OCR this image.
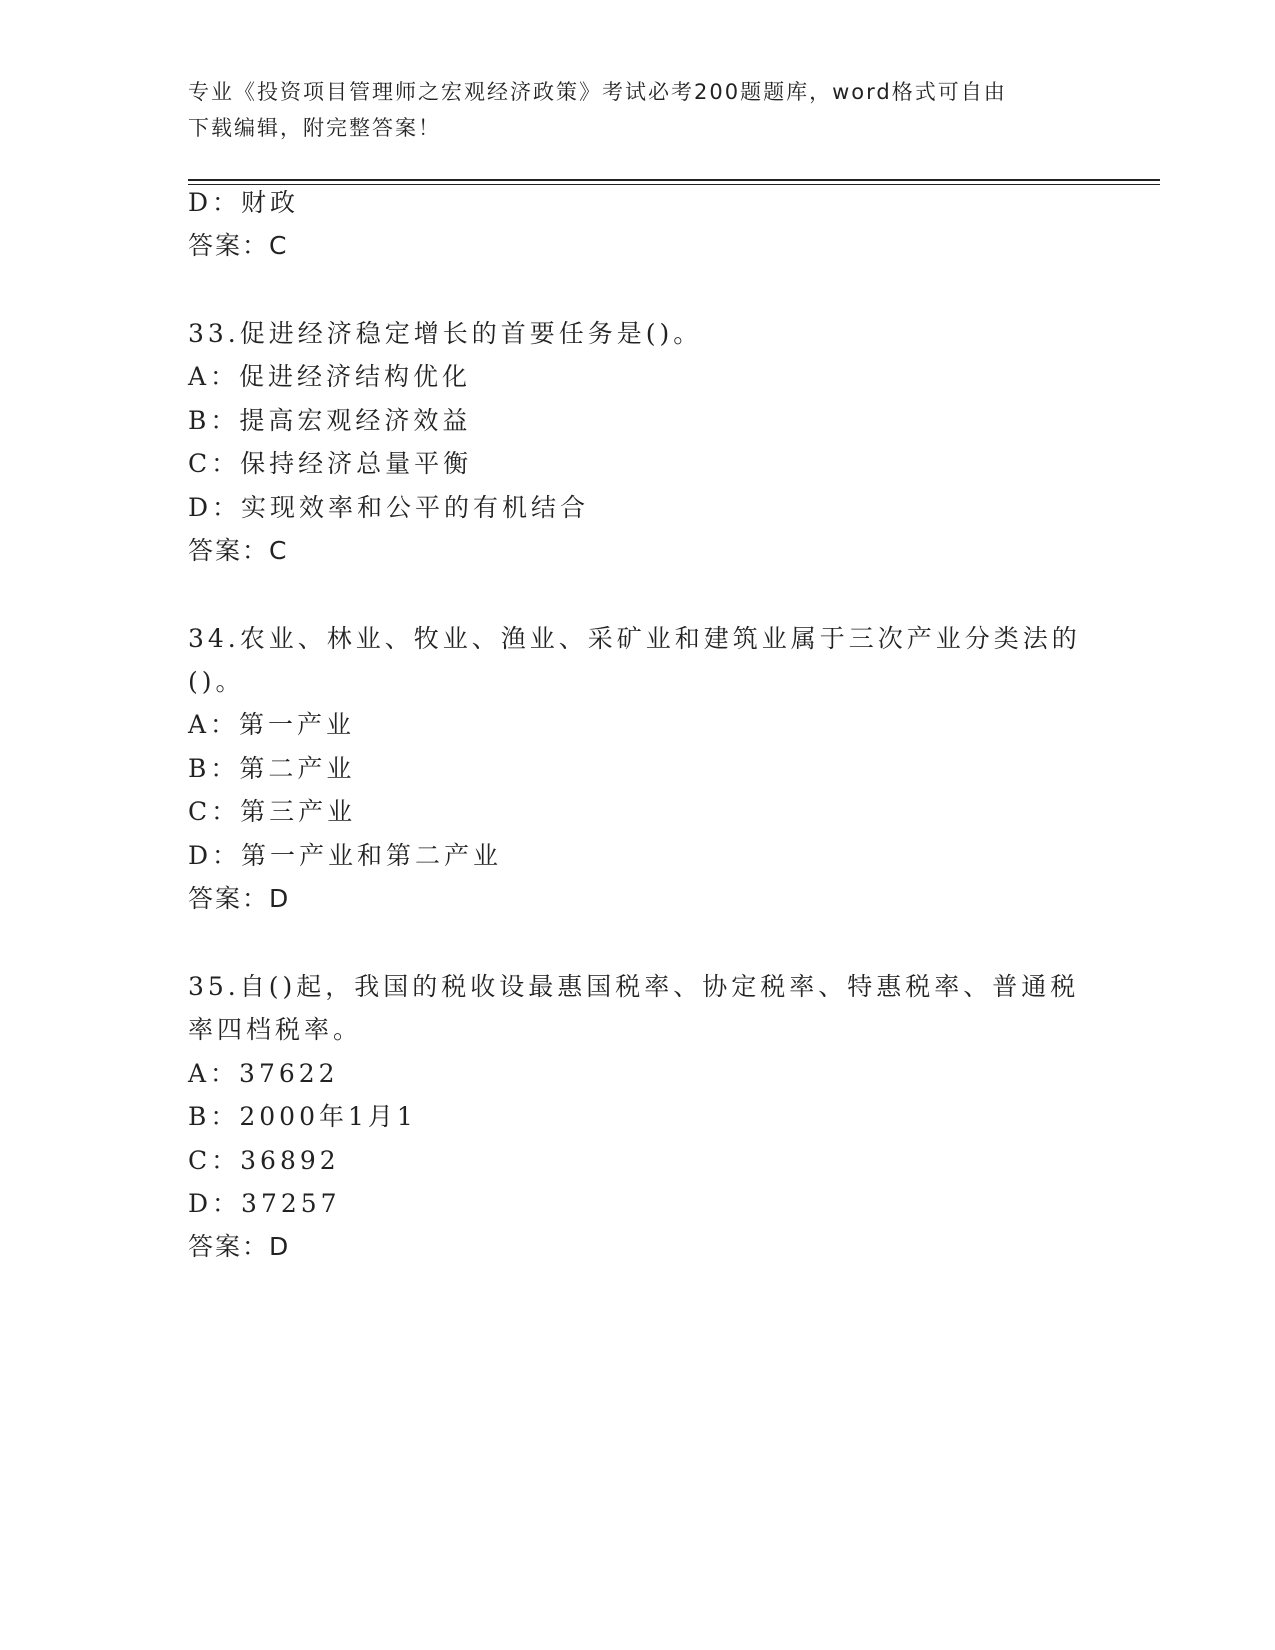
专业《投资项目管理师之宏观经济政策》考试必考200题题库，word格式可自由
下载编辑，附完整答案！
D：财政
答案：C
33.促进经济稳定增长的首要任务是()。
A：促进经济结构优化
B：提高宏观经济效益
C：保持经济总量平衡
D：实现效率和公平的有机结合
答案：C
34.农业、林业、牧业、渔业、采矿业和建筑业属于三次产业分类法的
()。
A：第一产业
B：第二产业
C：第三产业
D：第一产业和第二产业
答案：D
35.自()起，我国的税收设最惠国税率、协定税率、特惠税率、普通税
率四档税率。
A：37622
B：2000年1月1
C：36892
D：37257
答案：D
